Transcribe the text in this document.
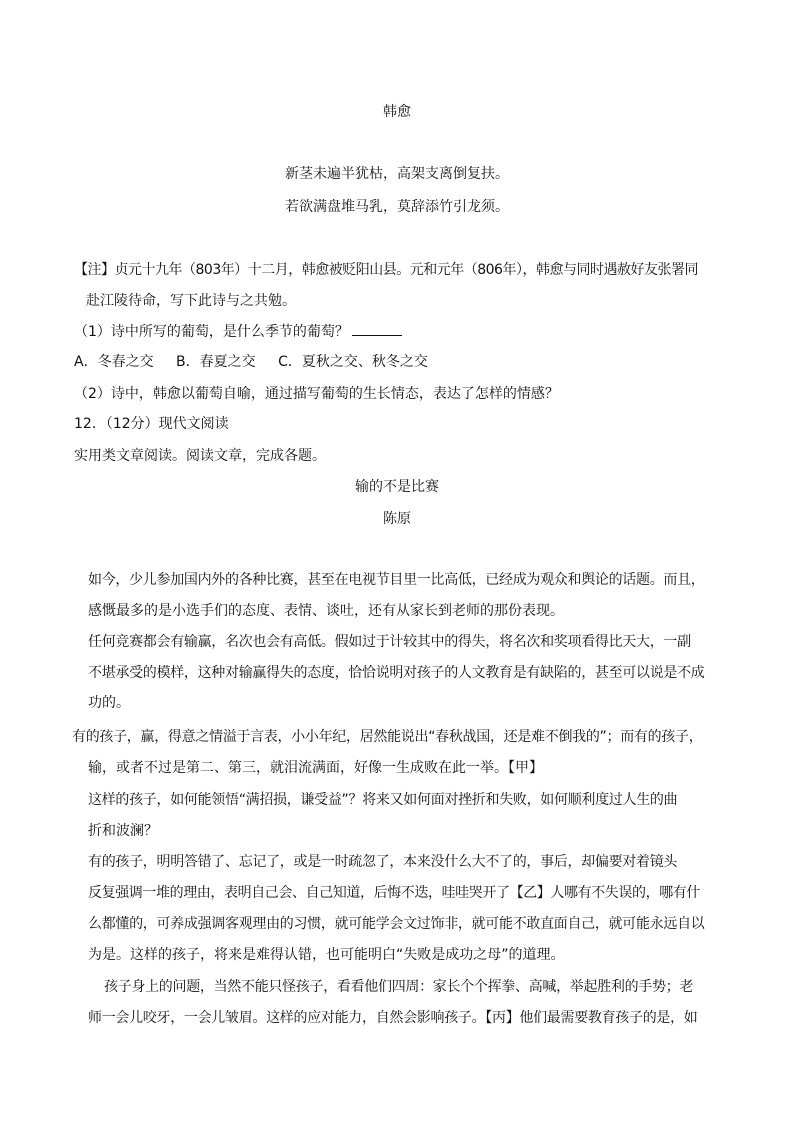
韩愈
新茎未遍半犹枯，高架支离倒复扶。
若欲满盘堆马乳，莫辞添竹引龙须。
【注】贞元十九年（803年）十二月，韩愈被贬阳山县。元和元年（806年），韩愈与同时遇赦好友张署同
赴江陵待命，写下此诗与之共勉。
（1）诗中所写的葡萄，是什么季节的葡萄？
A．冬春之交 B．春夏之交 C．夏秋之交、秋冬之交
（2）诗中，韩愈以葡萄自喻，通过描写葡萄的生长情态，表达了怎样的情感？
12．（12分）现代文阅读
实用类文章阅读。阅读文章，完成各题。
输的不是比赛
陈原
如今，少儿参加国内外的各种比赛，甚至在电视节目里一比高低，已经成为观众和舆论的话题。而且，
感慨最多的是小选手们的态度、表情、谈吐，还有从家长到老师的那份表现。
任何竞赛都会有输赢，名次也会有高低。假如过于计较其中的得失，将名次和奖项看得比天大，一副
不堪承受的模样，这种对输赢得失的态度，恰恰说明对孩子的人文教育是有缺陷的，甚至可以说是不成
功的。
有的孩子，赢，得意之情溢于言表，小小年纪，居然能说出“春秋战国，还是难不倒我的”；而有的孩子，
输，或者不过是第二、第三，就泪流满面，好像一生成败在此一举。【甲】
这样的孩子，如何能领悟“满招损，谦受益”？将来又如何面对挫折和失败，如何顺利度过人生的曲
折和波澜？
有的孩子，明明答错了、忘记了，或是一时疏忽了，本来没什么大不了的，事后，却偏要对着镜头
反复强调一堆的理由，表明自己会、自己知道，后悔不迭，哇哇哭开了【乙】人哪有不失误的，哪有什
么都懂的，可养成强调客观理由的习惯，就可能学会文过饰非，就可能不敢直面自己，就可能永远自以
为是。这样的孩子，将来是难得认错，也可能明白“失败是成功之母”的道理。
孩子身上的问题，当然不能只怪孩子，看看他们四周：家长个个挥拳、高喊，举起胜利的手势；老
师一会儿咬牙，一会儿皱眉。这样的应对能力，自然会影响孩子。【丙】他们最需要教育孩子的是，如
